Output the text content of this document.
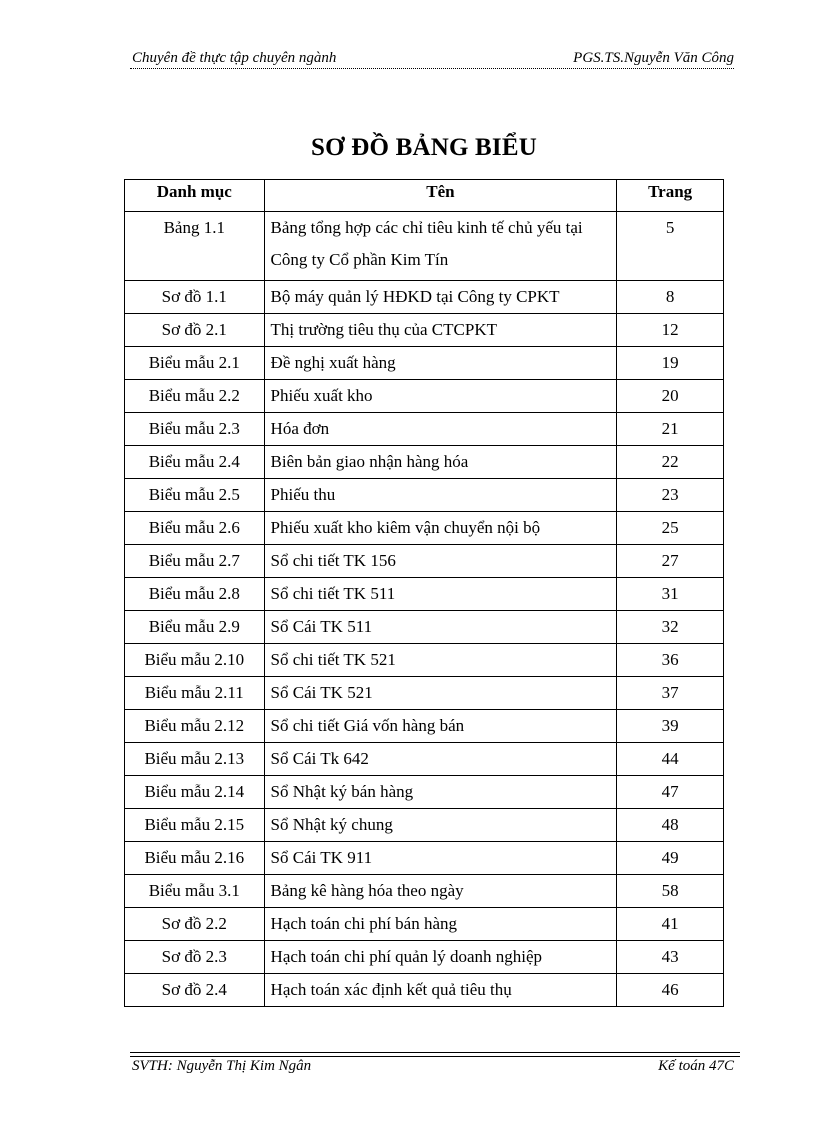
Chuyên đề thực tập chuyên ngành	PGS.TS.Nguyễn Văn Công
SƠ ĐỒ BẢNG BIỂU
Danh mục	Tên	Trang
Bảng 1.1	Bảng tổng hợp các chỉ tiêu kinh tế chủ yếu tại Công ty Cổ phần Kim Tín	5
Sơ đồ 1.1	Bộ máy quản lý HĐKD tại Công ty CPKT	8
Sơ đồ 2.1	Thị trường tiêu thụ của CTCPKT	12
Biểu mẫu 2.1	Đề nghị xuất hàng	19
Biểu mẫu 2.2	Phiếu xuất kho	20
Biểu mẫu 2.3	Hóa đơn	21
Biểu mẫu 2.4	Biên bản giao nhận hàng hóa	22
Biểu mẫu 2.5	Phiếu thu	23
Biểu mẫu 2.6	Phiếu xuất kho kiêm vận chuyển nội bộ	25
Biểu mẫu 2.7	Sổ chi tiết TK 156	27
Biểu mẫu 2.8	Sổ chi tiết TK 511	31
Biểu mẫu 2.9	Sổ Cái TK 511	32
Biểu mẫu 2.10	Sổ chi tiết TK 521	36
Biểu mẫu 2.11	Sổ Cái TK 521	37
Biểu mẫu 2.12	Sổ chi tiết Giá vốn hàng bán	39
Biểu mẫu 2.13	Sổ Cái Tk 642	44
Biểu mẫu 2.14	Sổ Nhật ký bán hàng	47
Biểu mẫu 2.15	Sổ Nhật ký chung	48
Biểu mẫu 2.16	Sổ Cái TK 911	49
Biểu mẫu 3.1	Bảng kê hàng hóa theo ngày	58
Sơ đồ 2.2	Hạch toán chi phí bán hàng	41
Sơ đồ 2.3	Hạch toán chi phí quản lý doanh nghiệp	43
Sơ đồ 2.4	Hạch toán xác định kết quả tiêu thụ	46
SVTH: Nguyễn Thị Kim Ngân	Kế toán 47C
